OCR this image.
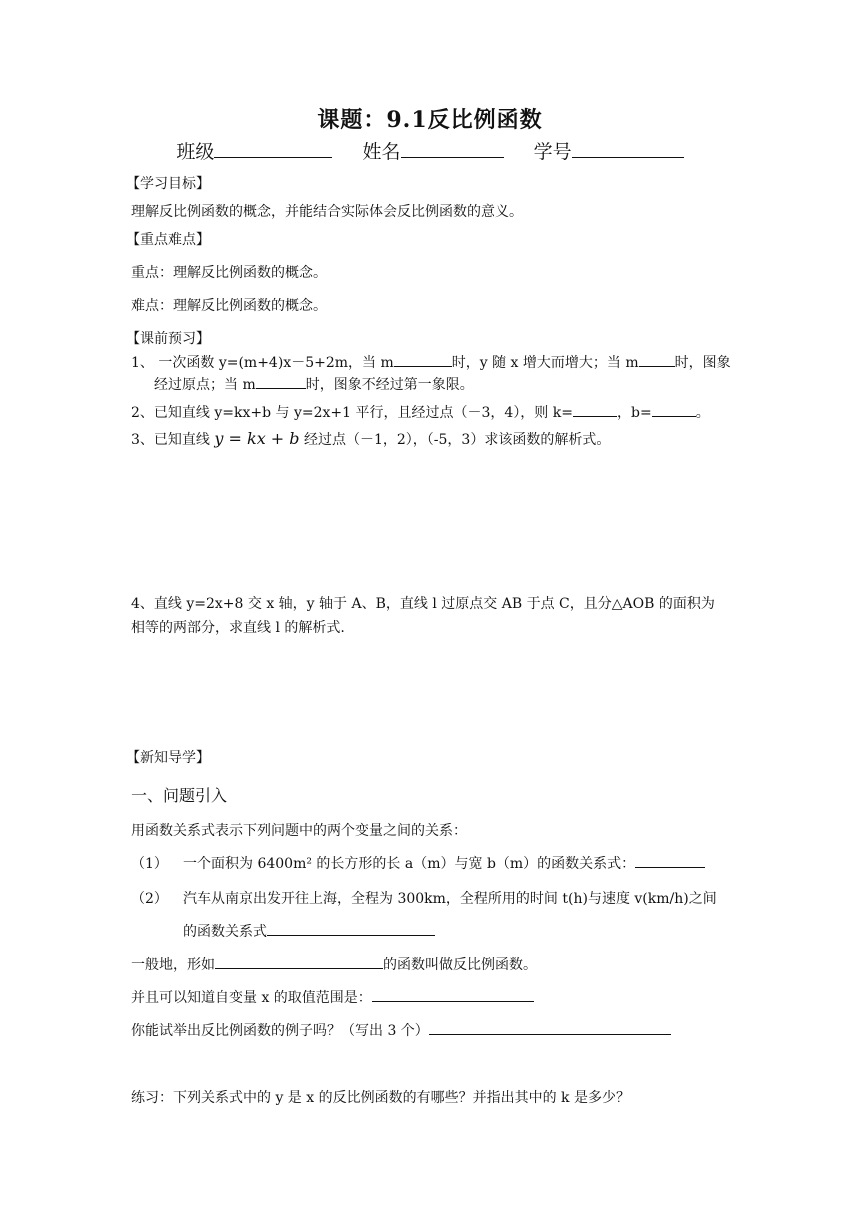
课题：9.1反比例函数
班级	姓名	学号
【学习目标】
理解反比例函数的概念，并能结合实际体会反比例函数的意义。
【重点难点】
重点：理解反比例函数的概念。
难点：理解反比例函数的概念。
【课前预习】
1、 一次函数 y=(m+4)x－5+2m，当 m	时，y 随 x 增大而增大；当 m	时，图象
经过原点；当 m	时，图象不经过第一象限。
2、已知直线 y=kx+b 与 y=2x+1 平行，且经过点（－3，4），则 k=	，b=	。
3、已知直线 y = kx + b 经过点（－1，2），（-5，3）求该函数的解析式。
4、直线 y=2x+8 交 x 轴，y 轴于 A、B，直线 l 过原点交 AB 于点 C，且分△AOB 的面积为
相等的两部分，求直线 l 的解析式.
【新知导学】
一、问题引入
用函数关系式表示下列问题中的两个变量之间的关系：
（1） 一个面积为 6400m² 的长方形的长 a（m）与宽 b（m）的函数关系式：
（2） 汽车从南京出发开往上海，全程为 300km，全程所用的时间 t(h)与速度 v(km/h)之间
的函数关系式
一般地，形如	的函数叫做反比例函数。
并且可以知道自变量 x 的取值范围是：
你能试举出反比例函数的例子吗？（写出 3 个）
练习：下列关系式中的 y 是 x 的反比例函数的有哪些？并指出其中的 k 是多少？
